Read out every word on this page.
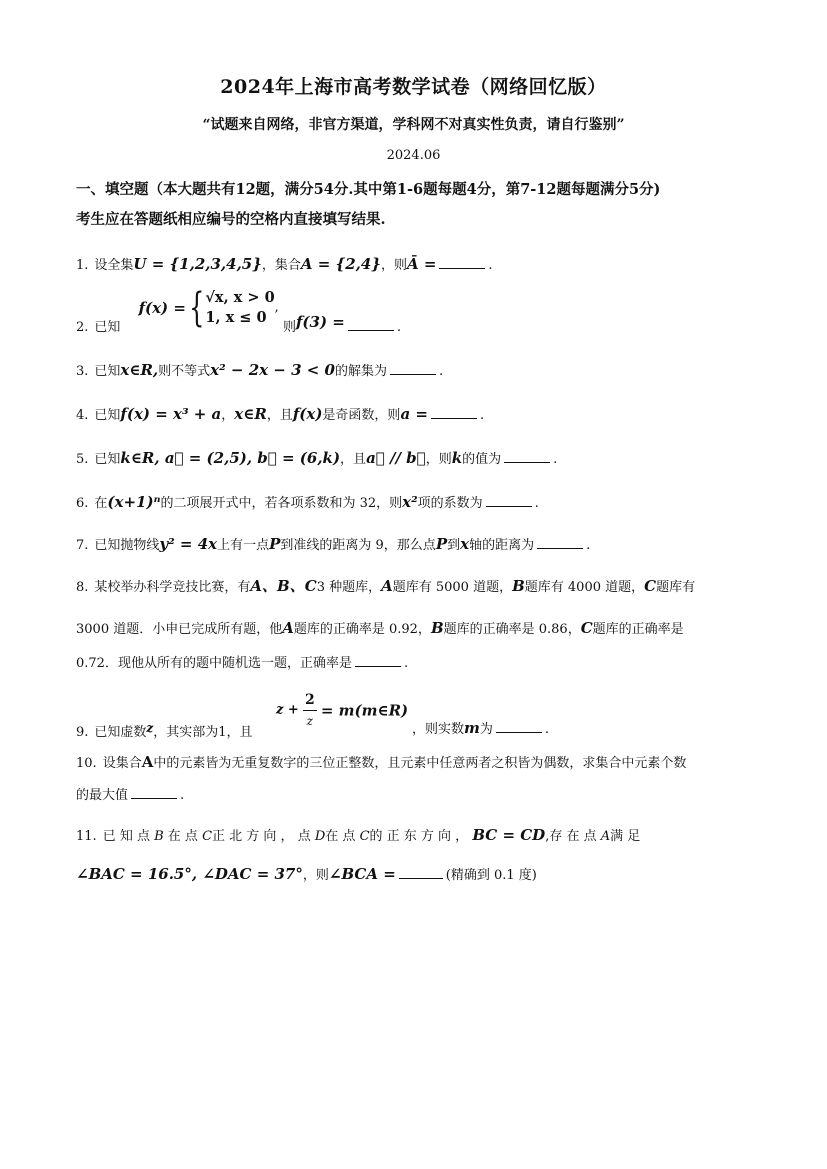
2024年上海市高考数学试卷（网络回忆版）
“试题来自网络，非官方渠道，学科网不对真实性负责，请自行鉴别”
2024.06
一、填空题（本大题共有12题，满分54分.其中第1-6题每题4分，第7-12题每题满分5分)
考生应在答题纸相应编号的空格内直接填写结果.
1. 设全集U = {1,2,3,4,5}，集合A = {2,4}，则Ā =	.
2. 已知 f(x) ={ √x, x > 0
1, x ≤ 0
, 则f(3) =	.
3. 已知x∈R,则不等式x² − 2x − 3 < 0的解集为	.
4. 已知f(x) = x³ + a，x∈R，且f(x)是奇函数，则a =	.
5. 已知k∈R, a⃗ = (2,5), b⃗ = (6,k)，且a⃗ // b⃗，则k的值为	.
6. 在(x+1)ⁿ的二项展开式中，若各项系数和为 32，则x²项的系数为	.
7. 已知抛物线y² = 4x上有一点P到准线的距离为 9，那么点P到x轴的距离为	.
8. 某校举办科学竞技比赛，有A、B、C3 种题库，A题库有 5000 道题，B题库有 4000 道题，C题库有
3000 道题．小申已完成所有题，他A题库的正确率是 0.92，B题库的正确率是 0.86，C题库的正确率是
0.72．现他从所有的题中随机选一题，正确率是	.
9. 已知虚数z，其实部为1，且
$z + \frac{2}{z}$ = m(m∈R)
，则实数m为	.
10. 设集合A中的元素皆为无重复数字的三位正整数，且元素中任意两者之积皆为偶数，求集合中元素个数
的最大值	.
11. 已 知 点 B 在 点 C正 北 方 向 ， 点 D在 点 C的 正 东 方 向 ， BC = CD,存 在 点 A满 足
∠BAC = 16.5°, ∠DAC = 37°，则∠BCA =	(精确到 0.1 度)
